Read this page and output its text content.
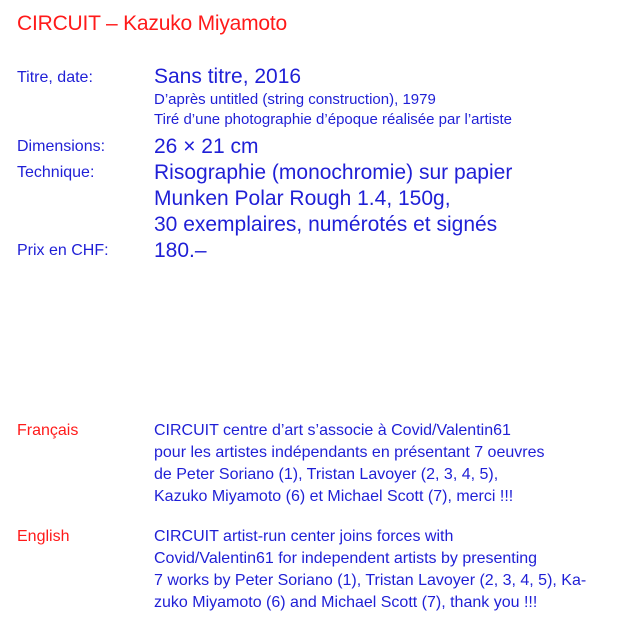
CIRCUIT – Kazuko Miyamoto
Titre, date:	Sans titre, 2016
D’après untitled (string construction), 1979
Tiré d’une photographie d’époque réalisée par l’artiste
Dimensions:	26 × 21 cm
Technique:	Risographie (monochromie) sur papier
Munken Polar Rough 1.4, 150g,
30 exemplaires, numérotés et signés
Prix en CHF:	180.–
Français	CIRCUIT centre d’art s’associe à Covid/Valentin61
pour les artistes indépendants en présentant 7 oeuvres
de Peter Soriano (1), Tristan Lavoyer (2, 3, 4, 5),
Kazuko Miyamoto (6) et Michael Scott (7), merci !!!
English	CIRCUIT artist-run center joins forces with
Covid/Valentin61 for independent artists by presenting
7 works by Peter Soriano (1), Tristan Lavoyer (2, 3, 4, 5), Ka-
zuko Miyamoto (6) and Michael Scott (7), thank you !!!
